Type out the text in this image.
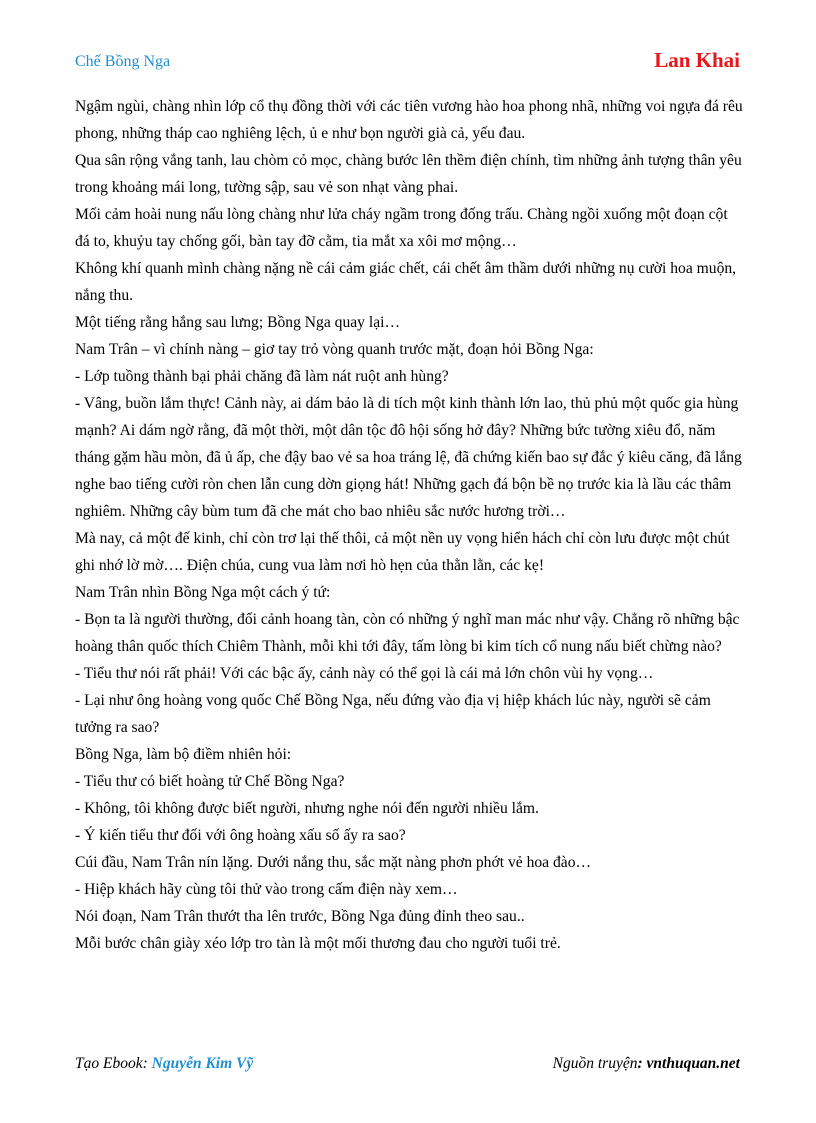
Chế Bồng Nga	Lan Khai

Ngậm ngùi, chàng nhìn lớp cổ thụ đồng thời với các tiên vương hào hoa phong nhã, những voi ngựa đá rêu phong, những tháp cao nghiêng lệch, ủ e như bọn người già cả, yếu đau.

Qua sân rộng vắng tanh, lau chòm cỏ mọc, chàng bước lên thềm điện chính, tìm những ảnh tượng thân yêu trong khoảng mái long, tường sập, sau vẻ son nhạt vàng phai.

Mối cảm hoài nung nấu lòng chàng như lửa cháy ngầm trong đống trấu. Chàng ngồi xuống một đoạn cột đá to, khuỷu tay chống gối, bàn tay đỡ cằm, tia mắt xa xôi mơ mộng…

Không khí quanh mình chàng nặng nề cái cảm giác chết, cái chết âm thầm dưới những nụ cười hoa muộn, nắng thu.

Một tiếng rằng hắng sau lưng; Bồng Nga quay lại…

Nam Trân – vì chính nàng – giơ tay trỏ vòng quanh trước mặt, đoạn hỏi Bồng Nga:

- Lớp tuồng thành bại phải chăng đã làm nát ruột anh hùng?

- Vâng, buồn lắm thực! Cảnh này, ai dám bảo là di tích một kinh thành lớn lao, thủ phủ một quốc gia hùng mạnh? Ai dám ngờ rằng, đã một thời, một dân tộc đô hội sống hở đây? Những bức tường xiêu đổ, năm tháng gặm hầu mòn, đã ủ ấp, che đậy bao vẻ sa hoa tráng lệ, đã chứng kiến bao sự đắc ý kiêu căng, đã lắng nghe bao tiếng cười ròn chen lẫn cung dờn giọng hát! Những gạch đá bộn bề nọ trước kia là lầu các thâm nghiêm. Những cây bùm tum đã che mát cho bao nhiêu sắc nước hương trời…

Mà nay, cả một đế kinh, chỉ còn trơ lại thế thôi, cả một nền uy vọng hiển hách chỉ còn lưu được một chút ghi nhớ lờ mờ…. Điện chúa, cung vua làm nơi hò hẹn của thằn lằn, các kẹ!

Nam Trân nhìn Bồng Nga một cách ý tứ:

- Bọn ta là người thường, đối cảnh hoang tàn, còn có những ý nghĩ man mác như vậy. Chẳng rõ những bậc hoàng thân quốc thích Chiêm Thành, mỗi khi tới đây, tấm lòng bi kim tích cổ nung nấu biết chừng nào?

- Tiểu thư nói rất phải! Với các bậc ấy, cảnh này có thể gọi là cái mả lớn chôn vùi hy vọng…

- Lại như ông hoàng vong quốc Chế Bồng Nga, nếu đứng vào địa vị hiệp khách lúc này, người sẽ cảm tưởng ra sao?

Bồng Nga, làm bộ điềm nhiên hỏi:

- Tiểu thư có biết hoàng tử Chế Bồng Nga?

- Không, tôi không được biết người, nhưng nghe nói đến người nhiều lắm.

- Ý kiến tiểu thư đối với ông hoàng xấu số ấy ra sao?

Cúi đầu, Nam Trân nín lặng. Dưới nắng thu, sắc mặt nàng phơn phớt vẻ hoa đào…

- Hiệp khách hãy cùng tôi thử vào trong cấm điện này xem…

Nói đoạn, Nam Trân thướt tha lên trước, Bồng Nga đủng đỉnh theo sau..

Mỗi bước chân giày xéo lớp tro tàn là một mối thương đau cho người tuổi trẻ.

Tạo Ebook: Nguyễn Kim Vỹ	Nguồn truyện: vnthuquan.net
